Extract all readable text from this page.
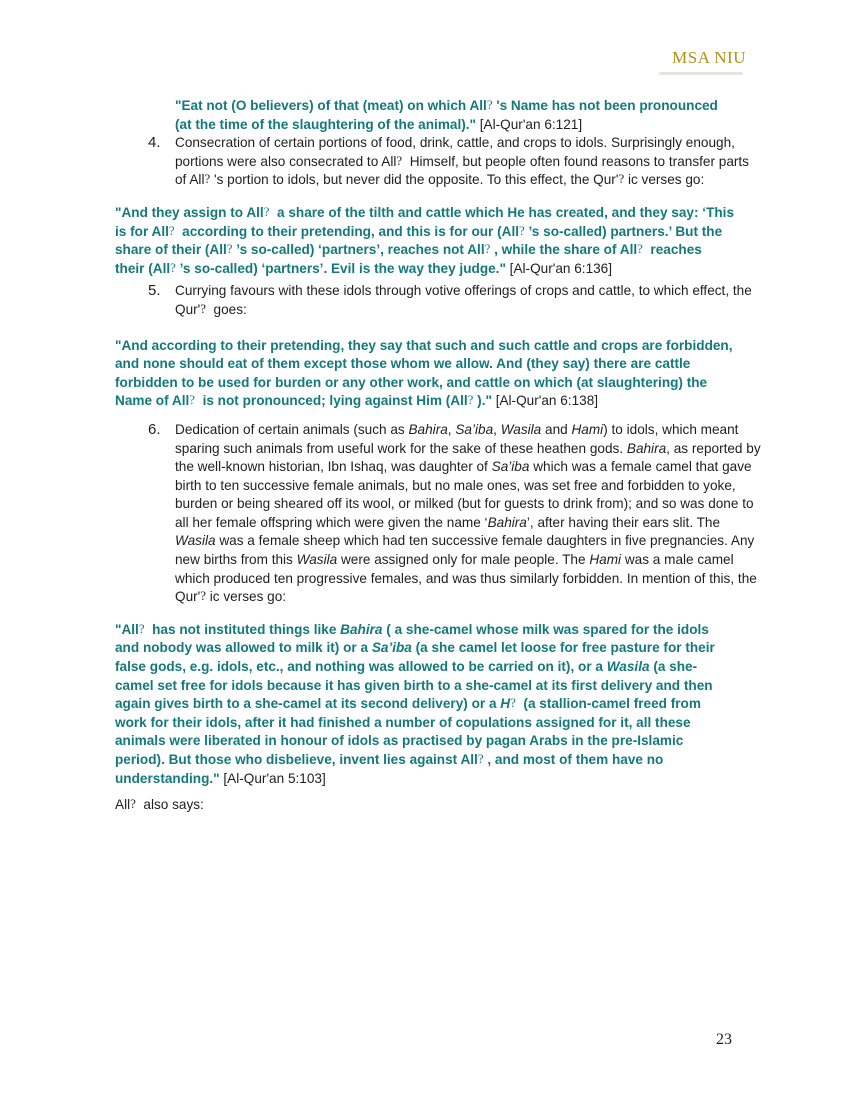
MSA NIU
"Eat not (O believers) of that (meat) on which All? 's Name has not been pronounced (at the time of the slaughtering of the animal)." [Al-Qur'an 6:121]
4.	Consecration of certain portions of food, drink, cattle, and crops to idols. Surprisingly enough, portions were also consecrated to All?  Himself, but people often found reasons to transfer parts of All? 's portion to idols, but never did the opposite. To this effect, the Qur'? ic verses go:
"And they assign to All?  a share of the tilth and cattle which He has created, and they say: ‘This is for All?  according to their pretending, and this is for our (All? ’s so-called) partners.’ But the share of their (All? ’s so-called) ‘partners’, reaches not All? , while the share of All?  reaches their (All? ’s so-called) ‘partners’. Evil is the way they judge." [Al-Qur'an 6:136]
5.	Currying favours with these idols through votive offerings of crops and cattle, to which effect, the Qur'?  goes:
"And according to their pretending, they say that such and such cattle and crops are forbidden, and none should eat of them except those whom we allow. And (they say) there are cattle forbidden to be used for burden or any other work, and cattle on which (at slaughtering) the Name of All?  is not pronounced; lying against Him (All? )." [Al-Qur'an 6:138]
6.	Dedication of certain animals (such as Bahira, Sa’iba, Wasila and Hami) to idols, which meant sparing such animals from useful work for the sake of these heathen gods. Bahira, as reported by the well-known historian, Ibn Ishaq, was daughter of Sa’iba which was a female camel that gave birth to ten successive female animals, but no male ones, was set free and forbidden to yoke, burden or being sheared off its wool, or milked (but for guests to drink from); and so was done to all her female offspring which were given the name ‘Bahira’, after having their ears slit. The Wasila was a female sheep which had ten successive female daughters in five pregnancies. Any new births from this Wasila were assigned only for male people. The Hami was a male camel which produced ten progressive females, and was thus similarly forbidden. In mention of this, the Qur'? ic verses go:
"All?  has not instituted things like Bahira ( a she-camel whose milk was spared for the idols and nobody was allowed to milk it) or a Sa’iba (a she camel let loose for free pasture for their false gods, e.g. idols, etc., and nothing was allowed to be carried on it), or a Wasila (a she-camel set free for idols because it has given birth to a she-camel at its first delivery and then again gives birth to a she-camel at its second delivery) or a H?  (a stallion-camel freed from work for their idols, after it had finished a number of copulations assigned for it, all these animals were liberated in honour of idols as practised by pagan Arabs in the pre-Islamic period). But those who disbelieve, invent lies against All? , and most of them have no understanding." [Al-Qur'an 5:103]
All?  also says:
23
